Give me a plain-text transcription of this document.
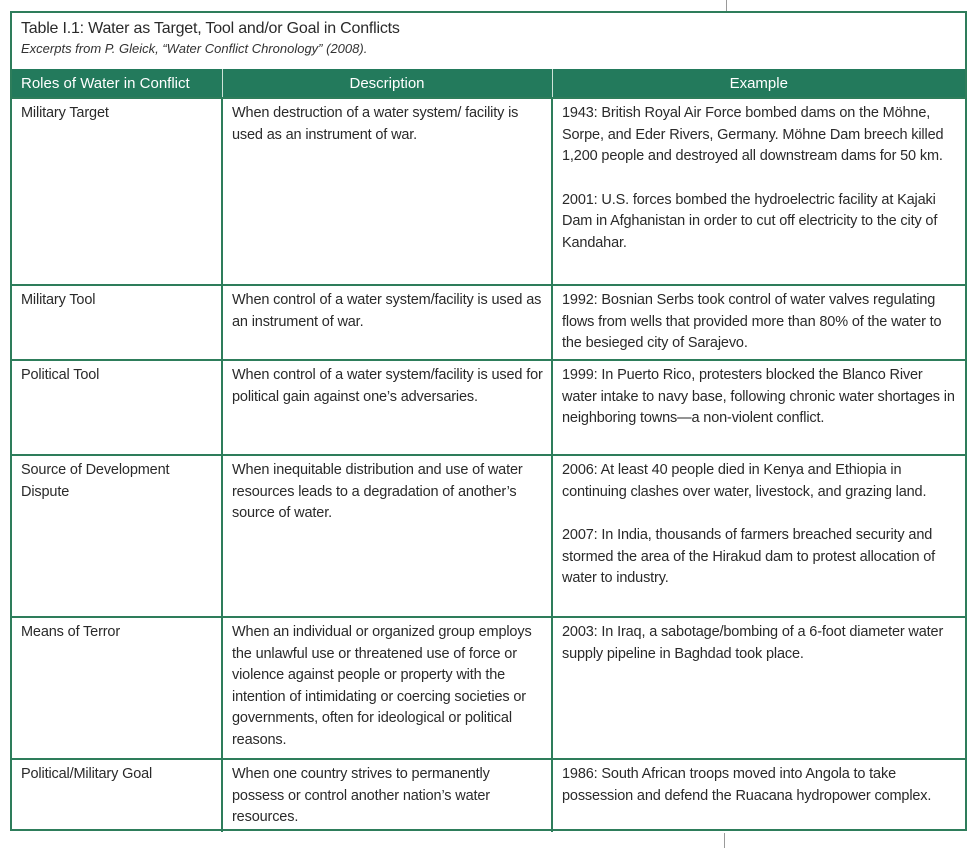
Table I.1: Water as Target, Tool and/or Goal in Conflicts
Excerpts from P. Gleick, “Water Conflict Chronology” (2008).
Roles of Water in Conflict	Description	Example
Military Target	When destruction of a water system/ facility is used as an instrument of war.	1943: British Royal Air Force bombed dams on the Möhne, Sorpe, and Eder Rivers, Germany. Möhne Dam breech killed 1,200 people and destroyed all downstream dams for 50 km.
2001: U.S. forces bombed the hydroelectric facility at Kajaki Dam in Afghanistan in order to cut off electricity to the city of Kandahar.

Military Tool	When control of a water system/facility is used as an instrument of war.	1992: Bosnian Serbs took control of water valves regulating flows from wells that provided more than 80% of the water to the besieged city of Sarajevo.

Political Tool	When control of a water system/facility is used for political gain against one’s adversaries.	1999: In Puerto Rico, protesters blocked the Blanco River water intake to navy base, following chronic water shortages in neighboring towns—a non-violent conflict.

Source of Development Dispute	When inequitable distribution and use of water resources leads to a degradation of another’s source of water.	2006: At least 40 people died in Kenya and Ethiopia in continuing clashes over water, livestock, and grazing land.
2007: In India, thousands of farmers breached security and stormed the area of the Hirakud dam to protest allocation of water to industry.

Means of Terror	When an individual or organized group employs the unlawful use or threatened use of force or violence against people or property with the intention of intimidating or coercing societies or governments, often for ideological or political reasons.	2003: In Iraq, a sabotage/bombing of a 6-foot diameter water supply pipeline in Baghdad took place.

Political/Military Goal	When one country strives to permanently possess or control another nation’s water resources.	1986: South African troops moved into Angola to take possession and defend the Ruacana hydropower complex.
